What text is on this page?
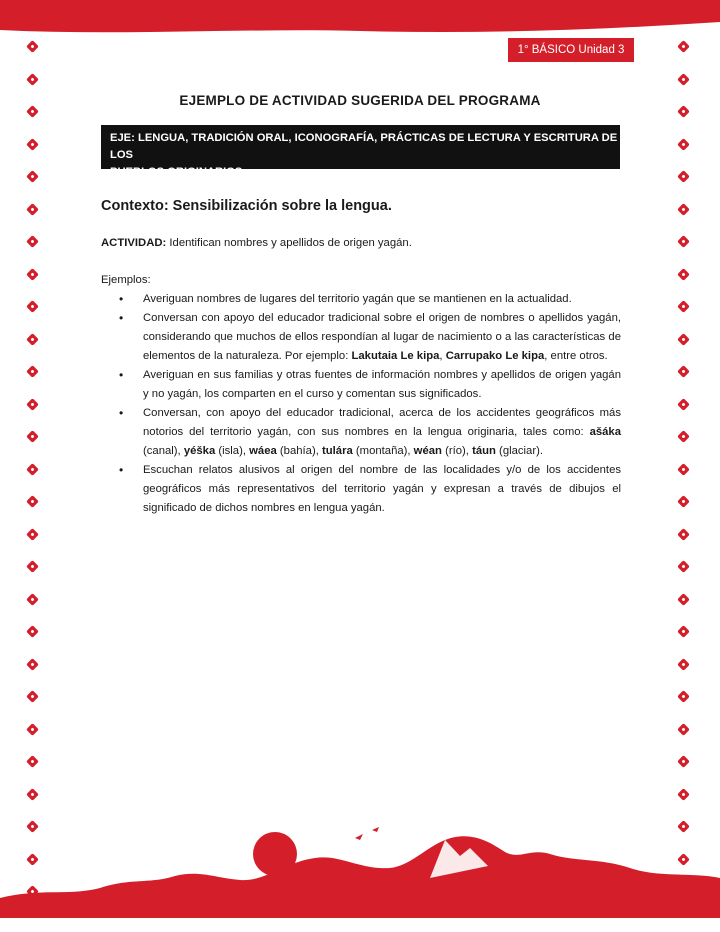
1° BÁSICO Unidad 3
EJEMPLO DE ACTIVIDAD SUGERIDA DEL PROGRAMA
EJE: LENGUA, TRADICIÓN ORAL, ICONOGRAFÍA, PRÁCTICAS DE LECTURA Y ESCRITURA DE LOS
PUEBLOS ORIGINARIOS.
Contexto: Sensibilización sobre la lengua.

ACTIVIDAD: Identifican nombres y apellidos de origen yagán.

Ejemplos:

• Averiguan nombres de lugares del territorio yagán que se mantienen en la actualidad.
• Conversan con apoyo del educador tradicional sobre el origen de nombres o apellidos yagán, considerando que muchos de ellos respondían al lugar de nacimiento o a las características de elementos de la naturaleza. Por ejemplo: Lakutaia Le kipa, Carrupako Le kipa, entre otros.
• Averiguan en sus familias y otras fuentes de información nombres y apellidos de origen yagán y no yagán, los comparten en el curso y comentan sus significados.
• Conversan, con apoyo del educador tradicional, acerca de los accidentes geográficos más notorios del territorio yagán, con sus nombres en la lengua originaria, tales como: ašáka (canal), yéška (isla), wáea (bahía), tulára (montaña), wéan (río), táun (glaciar).
• Escuchan relatos alusivos al origen del nombre de las localidades y/o de los accidentes geográficos más representativos del territorio yagán y expresan a través de dibujos el significado de dichos nombres en lengua yagán.
